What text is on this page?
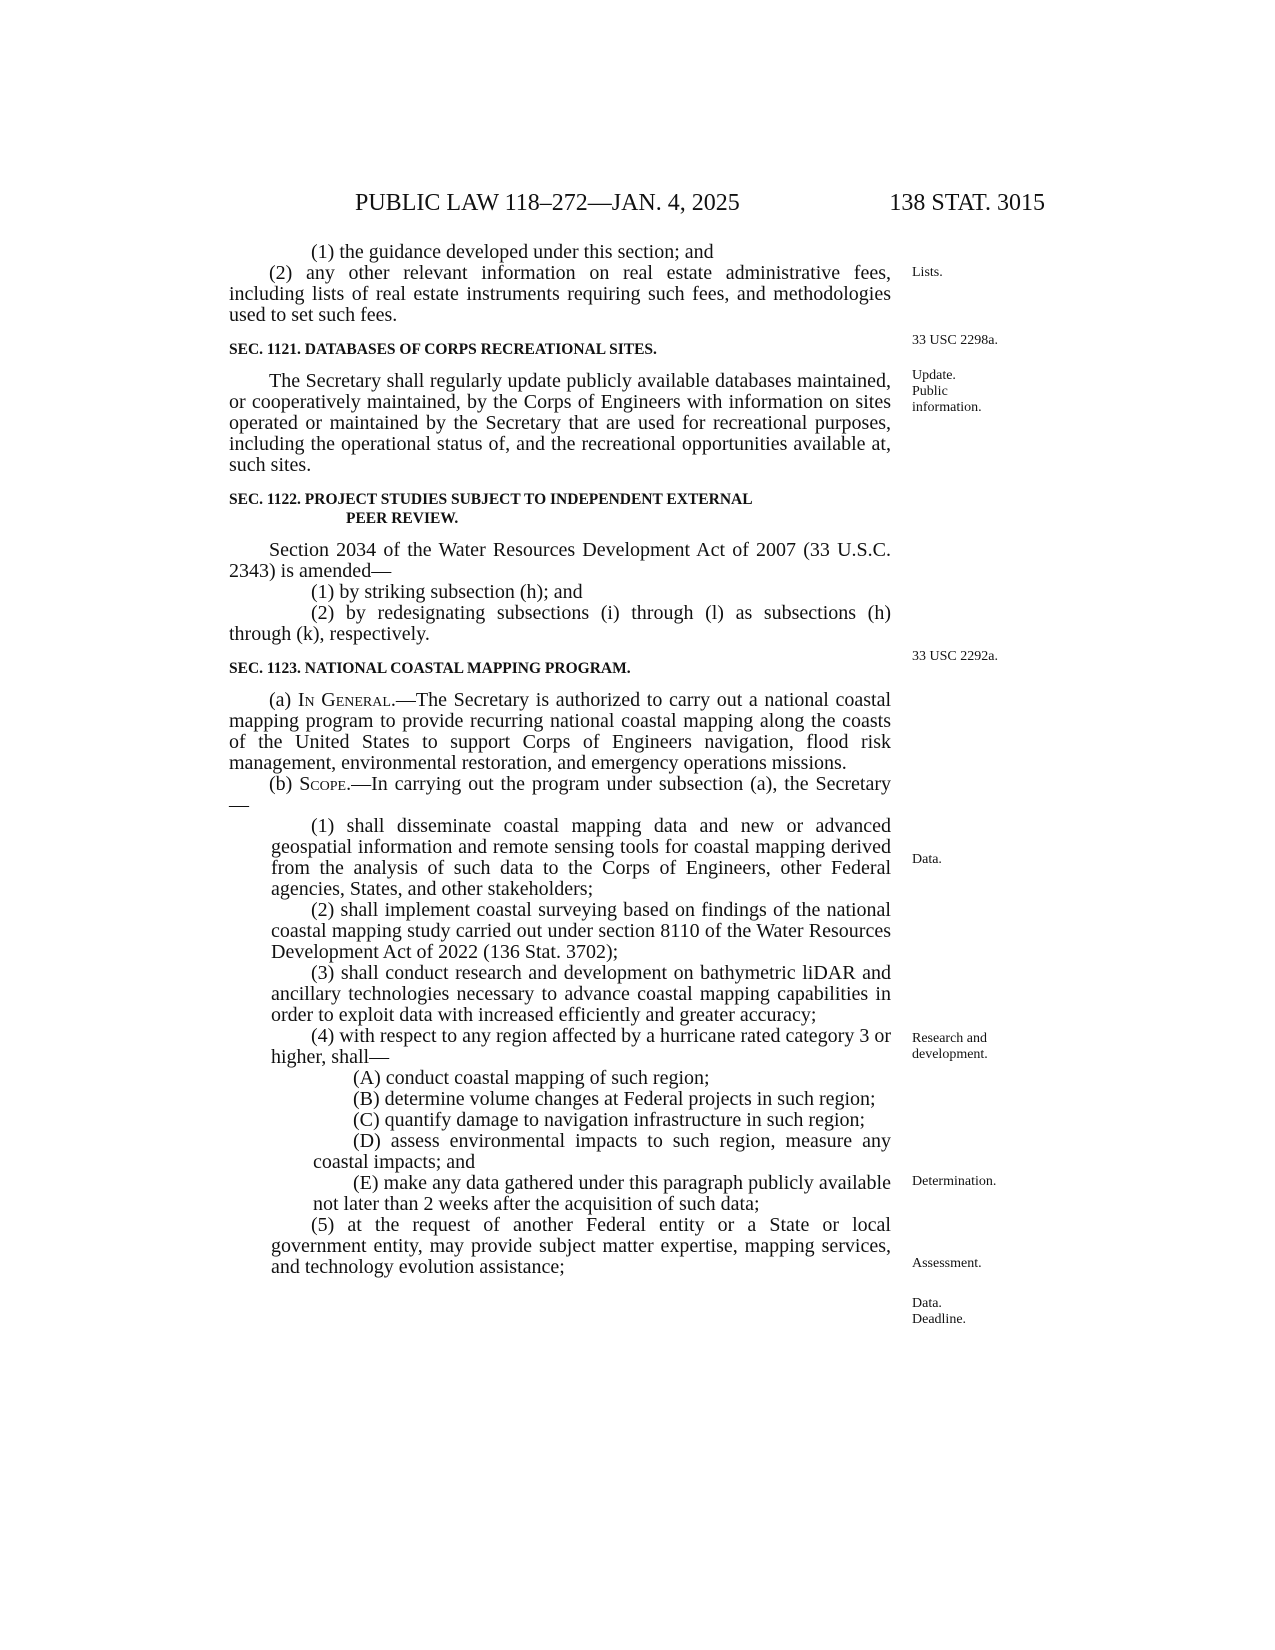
PUBLIC LAW 118–272—JAN. 4, 2025	138 STAT. 3015

(1) the guidance developed under this section; and

(2) any other relevant information on real estate administrative fees, including lists of real estate instruments requiring such fees, and methodologies used to set such fees.

SEC. 1121. DATABASES OF CORPS RECREATIONAL SITES.

The Secretary shall regularly update publicly available databases maintained, or cooperatively maintained, by the Corps of Engineers with information on sites operated or maintained by the Secretary that are used for recreational purposes, including the operational status of, and the recreational opportunities available at, such sites.

SEC. 1122. PROJECT STUDIES SUBJECT TO INDEPENDENT EXTERNAL
PEER REVIEW.

Section 2034 of the Water Resources Development Act of 2007 (33 U.S.C. 2343) is amended—

(1) by striking subsection (h); and

(2) by redesignating subsections (i) through (l) as subsections (h) through (k), respectively.

SEC. 1123. NATIONAL COASTAL MAPPING PROGRAM.

(a) In General.—The Secretary is authorized to carry out a national coastal mapping program to provide recurring national coastal mapping along the coasts of the United States to support Corps of Engineers navigation, flood risk management, environmental restoration, and emergency operations missions.

(b) Scope.—In carrying out the program under subsection (a), the Secretary—

(1) shall disseminate coastal mapping data and new or advanced geospatial information and remote sensing tools for coastal mapping derived from the analysis of such data to the Corps of Engineers, other Federal agencies, States, and other stakeholders;

(2) shall implement coastal surveying based on findings of the national coastal mapping study carried out under section 8110 of the Water Resources Development Act of 2022 (136 Stat. 3702);

(3) shall conduct research and development on bathymetric liDAR and ancillary technologies necessary to advance coastal mapping capabilities in order to exploit data with increased efficiently and greater accuracy;

(4) with respect to any region affected by a hurricane rated category 3 or higher, shall—

(A) conduct coastal mapping of such region;

(B) determine volume changes at Federal projects in such region;

(C) quantify damage to navigation infrastructure in such region;

(D) assess environmental impacts to such region, measure any coastal impacts; and

(E) make any data gathered under this paragraph publicly available not later than 2 weeks after the acquisition of such data;

(5) at the request of another Federal entity or a State or local government entity, may provide subject matter expertise, mapping services, and technology evolution assistance;

Lists.
33 USC 2298a.
Update.
Public
information.
33 USC 2292a.
Data.
Research and
development.
Determination.
Assessment.
Data.
Deadline.
